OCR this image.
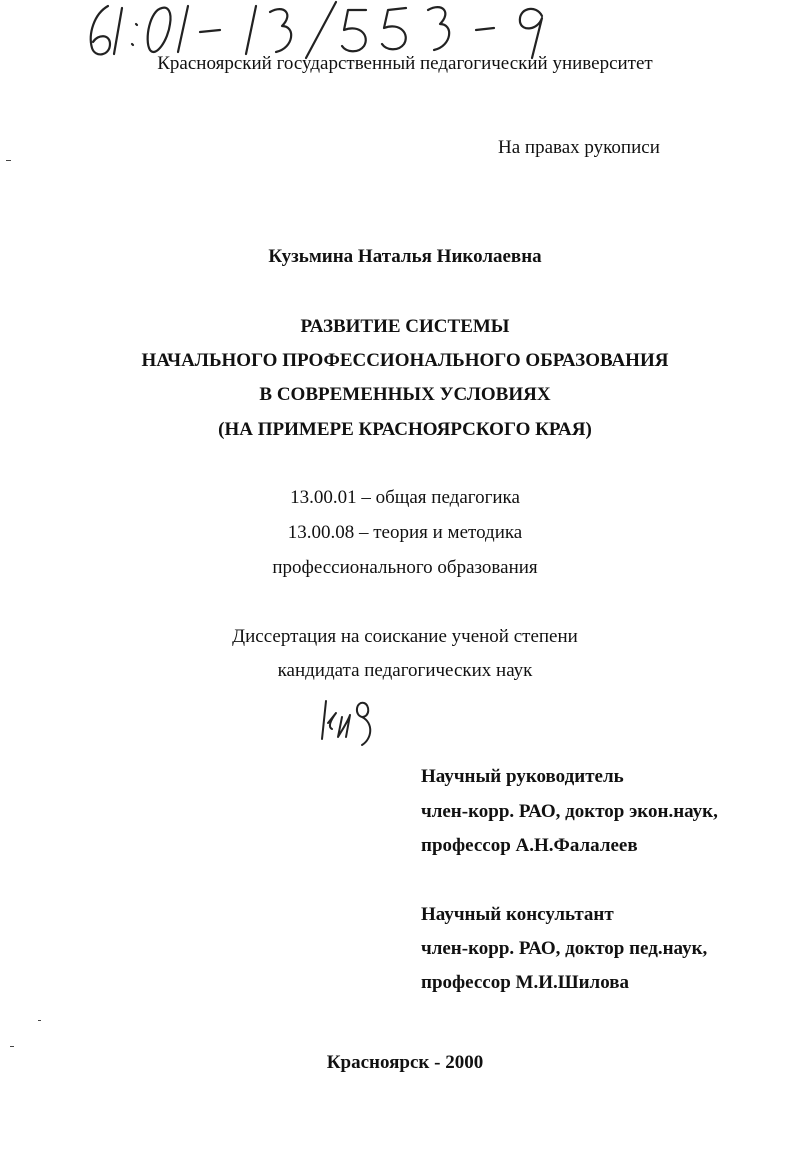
61:01-13/553-9	Красноярский государственный педагогический университет
На правах рукописи
Кузьмина Наталья Николаевна
РАЗВИТИЕ СИСТЕМЫ
НАЧАЛЬНОГО ПРОФЕССИОНАЛЬНОГО ОБРАЗОВАНИЯ
В СОВРЕМЕННЫХ УСЛОВИЯХ
(НА ПРИМЕРЕ КРАСНОЯРСКОГО КРАЯ)
13.00.01 – общая педагогика
13.00.08 – теория и методика
профессионального образования
Диссертация на соискание ученой степени
кандидата педагогических наук
Научный руководитель
член-корр. РАО, доктор экон.наук,
профессор А.Н.Фалалеев
Научный консультант
член-корр. РАО, доктор пед.наук,
профессор М.И.Шилова
Красноярск - 2000
